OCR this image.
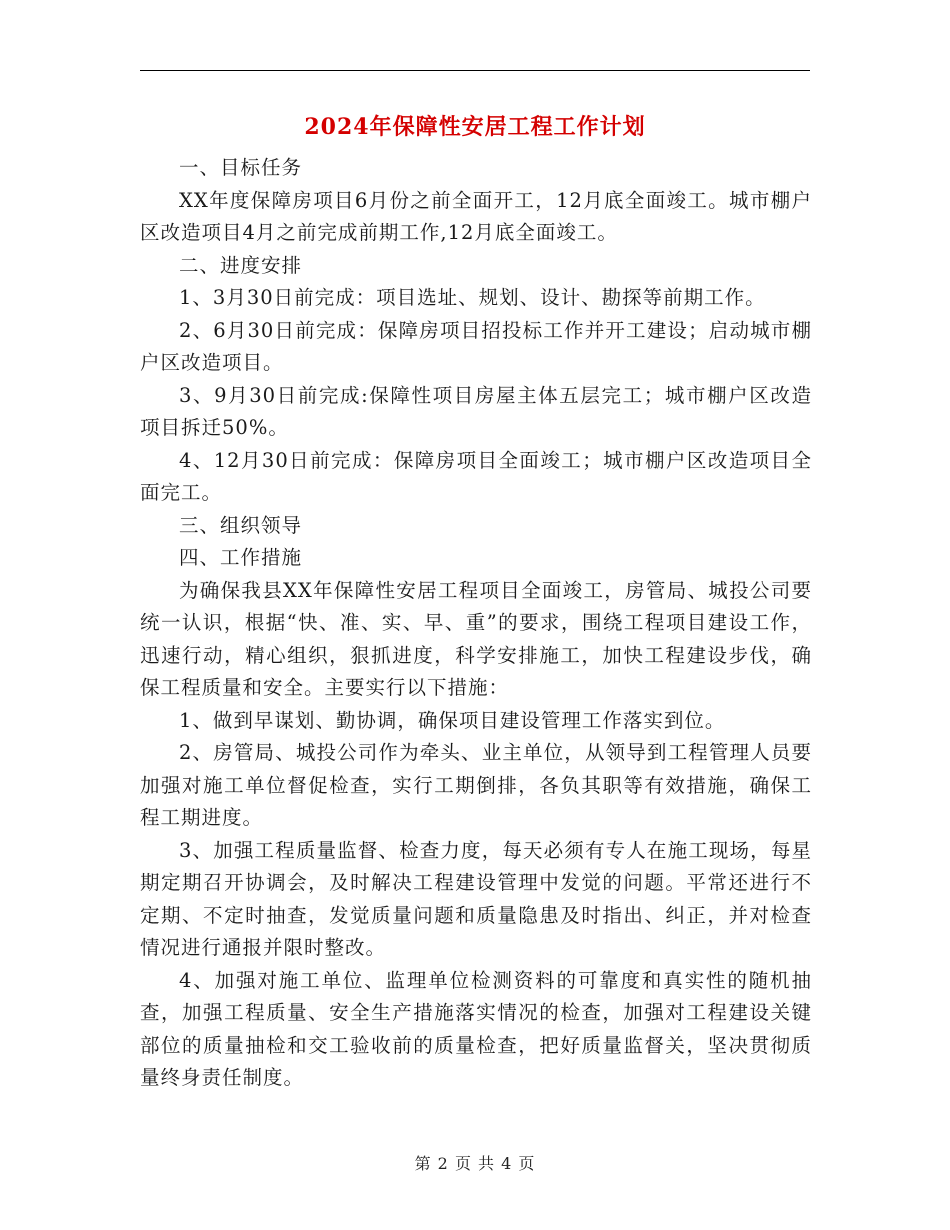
2024年保障性安居工程工作计划

一、目标任务

XX年度保障房项目6月份之前全面开工，12月底全面竣工。城市棚户区改造项目4月之前完成前期工作,12月底全面竣工。

二、进度安排

1、3月30日前完成：项目选址、规划、设计、勘探等前期工作。

2、6月30日前完成：保障房项目招投标工作并开工建设；启动城市棚户区改造项目。

3、9月30日前完成:保障性项目房屋主体五层完工；城市棚户区改造项目拆迁50%。

4、12月30日前完成：保障房项目全面竣工；城市棚户区改造项目全面完工。

三、组织领导

四、工作措施

为确保我县XX年保障性安居工程项目全面竣工，房管局、城投公司要统一认识，根据“快、准、实、早、重”的要求，围绕工程项目建设工作，迅速行动，精心组织，狠抓进度，科学安排施工，加快工程建设步伐，确保工程质量和安全。主要实行以下措施：

1、做到早谋划、勤协调，确保项目建设管理工作落实到位。

2、房管局、城投公司作为牵头、业主单位，从领导到工程管理人员要加强对施工单位督促检查，实行工期倒排，各负其职等有效措施，确保工程工期进度。

3、加强工程质量监督、检查力度，每天必须有专人在施工现场，每星期定期召开协调会，及时解决工程建设管理中发觉的问题。平常还进行不定期、不定时抽查，发觉质量问题和质量隐患及时指出、纠正，并对检查情况进行通报并限时整改。

4、加强对施工单位、监理单位检测资料的可靠度和真实性的随机抽查，加强工程质量、安全生产措施落实情况的检查，加强对工程建设关键部位的质量抽检和交工验收前的质量检查，把好质量监督关，坚决贯彻质量终身责任制度。

第 2 页 共 4 页
